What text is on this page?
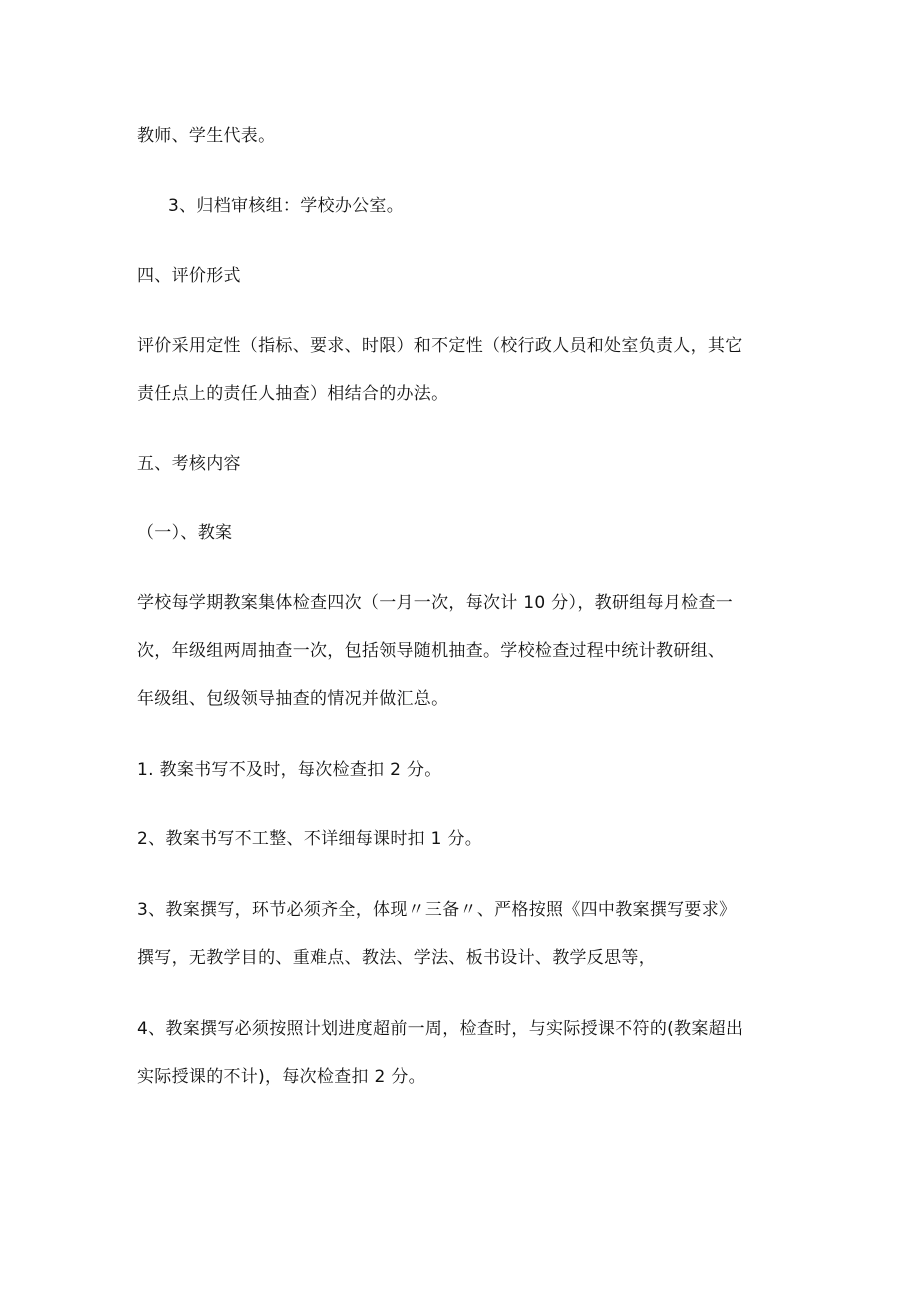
教师、学生代表。
3、归档审核组：学校办公室。
四、评价形式
评价采用定性（指标、要求、时限）和不定性（校行政人员和处室负责人，其它
责任点上的责任人抽查）相结合的办法。
五、考核内容
（一）、教案
学校每学期教案集体检查四次（一月一次，每次计 10 分），教研组每月检查一
次，年级组两周抽查一次，包括领导随机抽查。学校检查过程中统计教研组、
年级组、包级领导抽查的情况并做汇总。
1. 教案书写不及时，每次检查扣 2 分。
2、教案书写不工整、不详细每课时扣 1 分。
3、教案撰写，环节必须齐全，体现〃三备〃、严格按照《四中教案撰写要求》
撰写，无教学目的、重难点、教法、学法、板书设计、教学反思等，
4、教案撰写必须按照计划进度超前一周，检查时，与实际授课不符的(教案超出
实际授课的不计)，每次检查扣 2 分。
